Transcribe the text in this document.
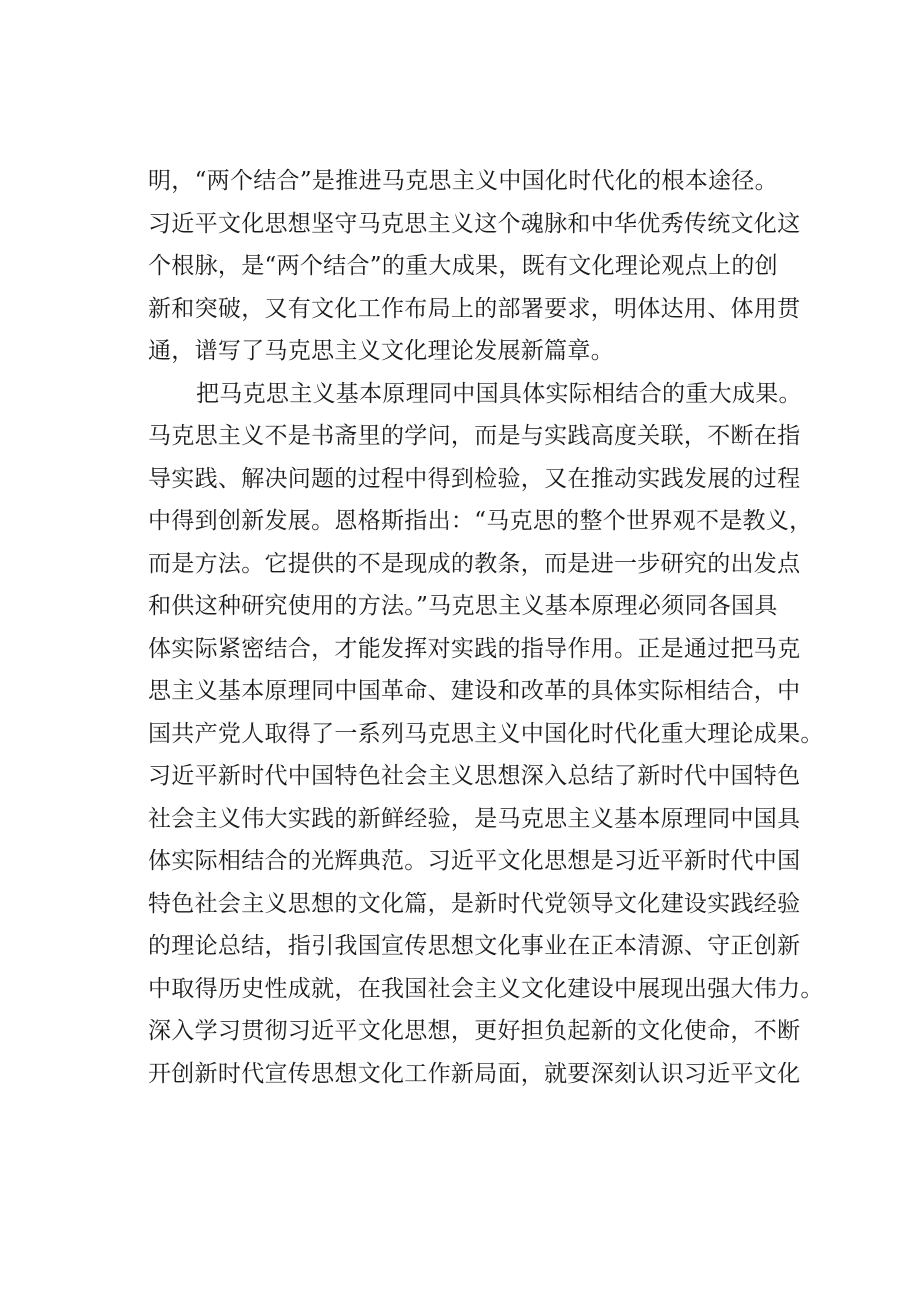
明，“两个结合”是推进马克思主义中国化时代化的根本途径。
习近平文化思想坚守马克思主义这个魂脉和中华优秀传统文化这
个根脉，是“两个结合”的重大成果，既有文化理论观点上的创
新和突破，又有文化工作布局上的部署要求，明体达用、体用贯
通，谱写了马克思主义文化理论发展新篇章。
把马克思主义基本原理同中国具体实际相结合的重大成果。
马克思主义不是书斋里的学问，而是与实践高度关联，不断在指
导实践、解决问题的过程中得到检验，又在推动实践发展的过程
中得到创新发展。恩格斯指出：“马克思的整个世界观不是教义，
而是方法。它提供的不是现成的教条，而是进一步研究的出发点
和供这种研究使用的方法。”马克思主义基本原理必须同各国具
体实际紧密结合，才能发挥对实践的指导作用。正是通过把马克
思主义基本原理同中国革命、建设和改革的具体实际相结合，中
国共产党人取得了一系列马克思主义中国化时代化重大理论成果。
习近平新时代中国特色社会主义思想深入总结了新时代中国特色
社会主义伟大实践的新鲜经验，是马克思主义基本原理同中国具
体实际相结合的光辉典范。习近平文化思想是习近平新时代中国
特色社会主义思想的文化篇，是新时代党领导文化建设实践经验
的理论总结，指引我国宣传思想文化事业在正本清源、守正创新
中取得历史性成就，在我国社会主义文化建设中展现出强大伟力。
深入学习贯彻习近平文化思想，更好担负起新的文化使命，不断
开创新时代宣传思想文化工作新局面，就要深刻认识习近平文化
